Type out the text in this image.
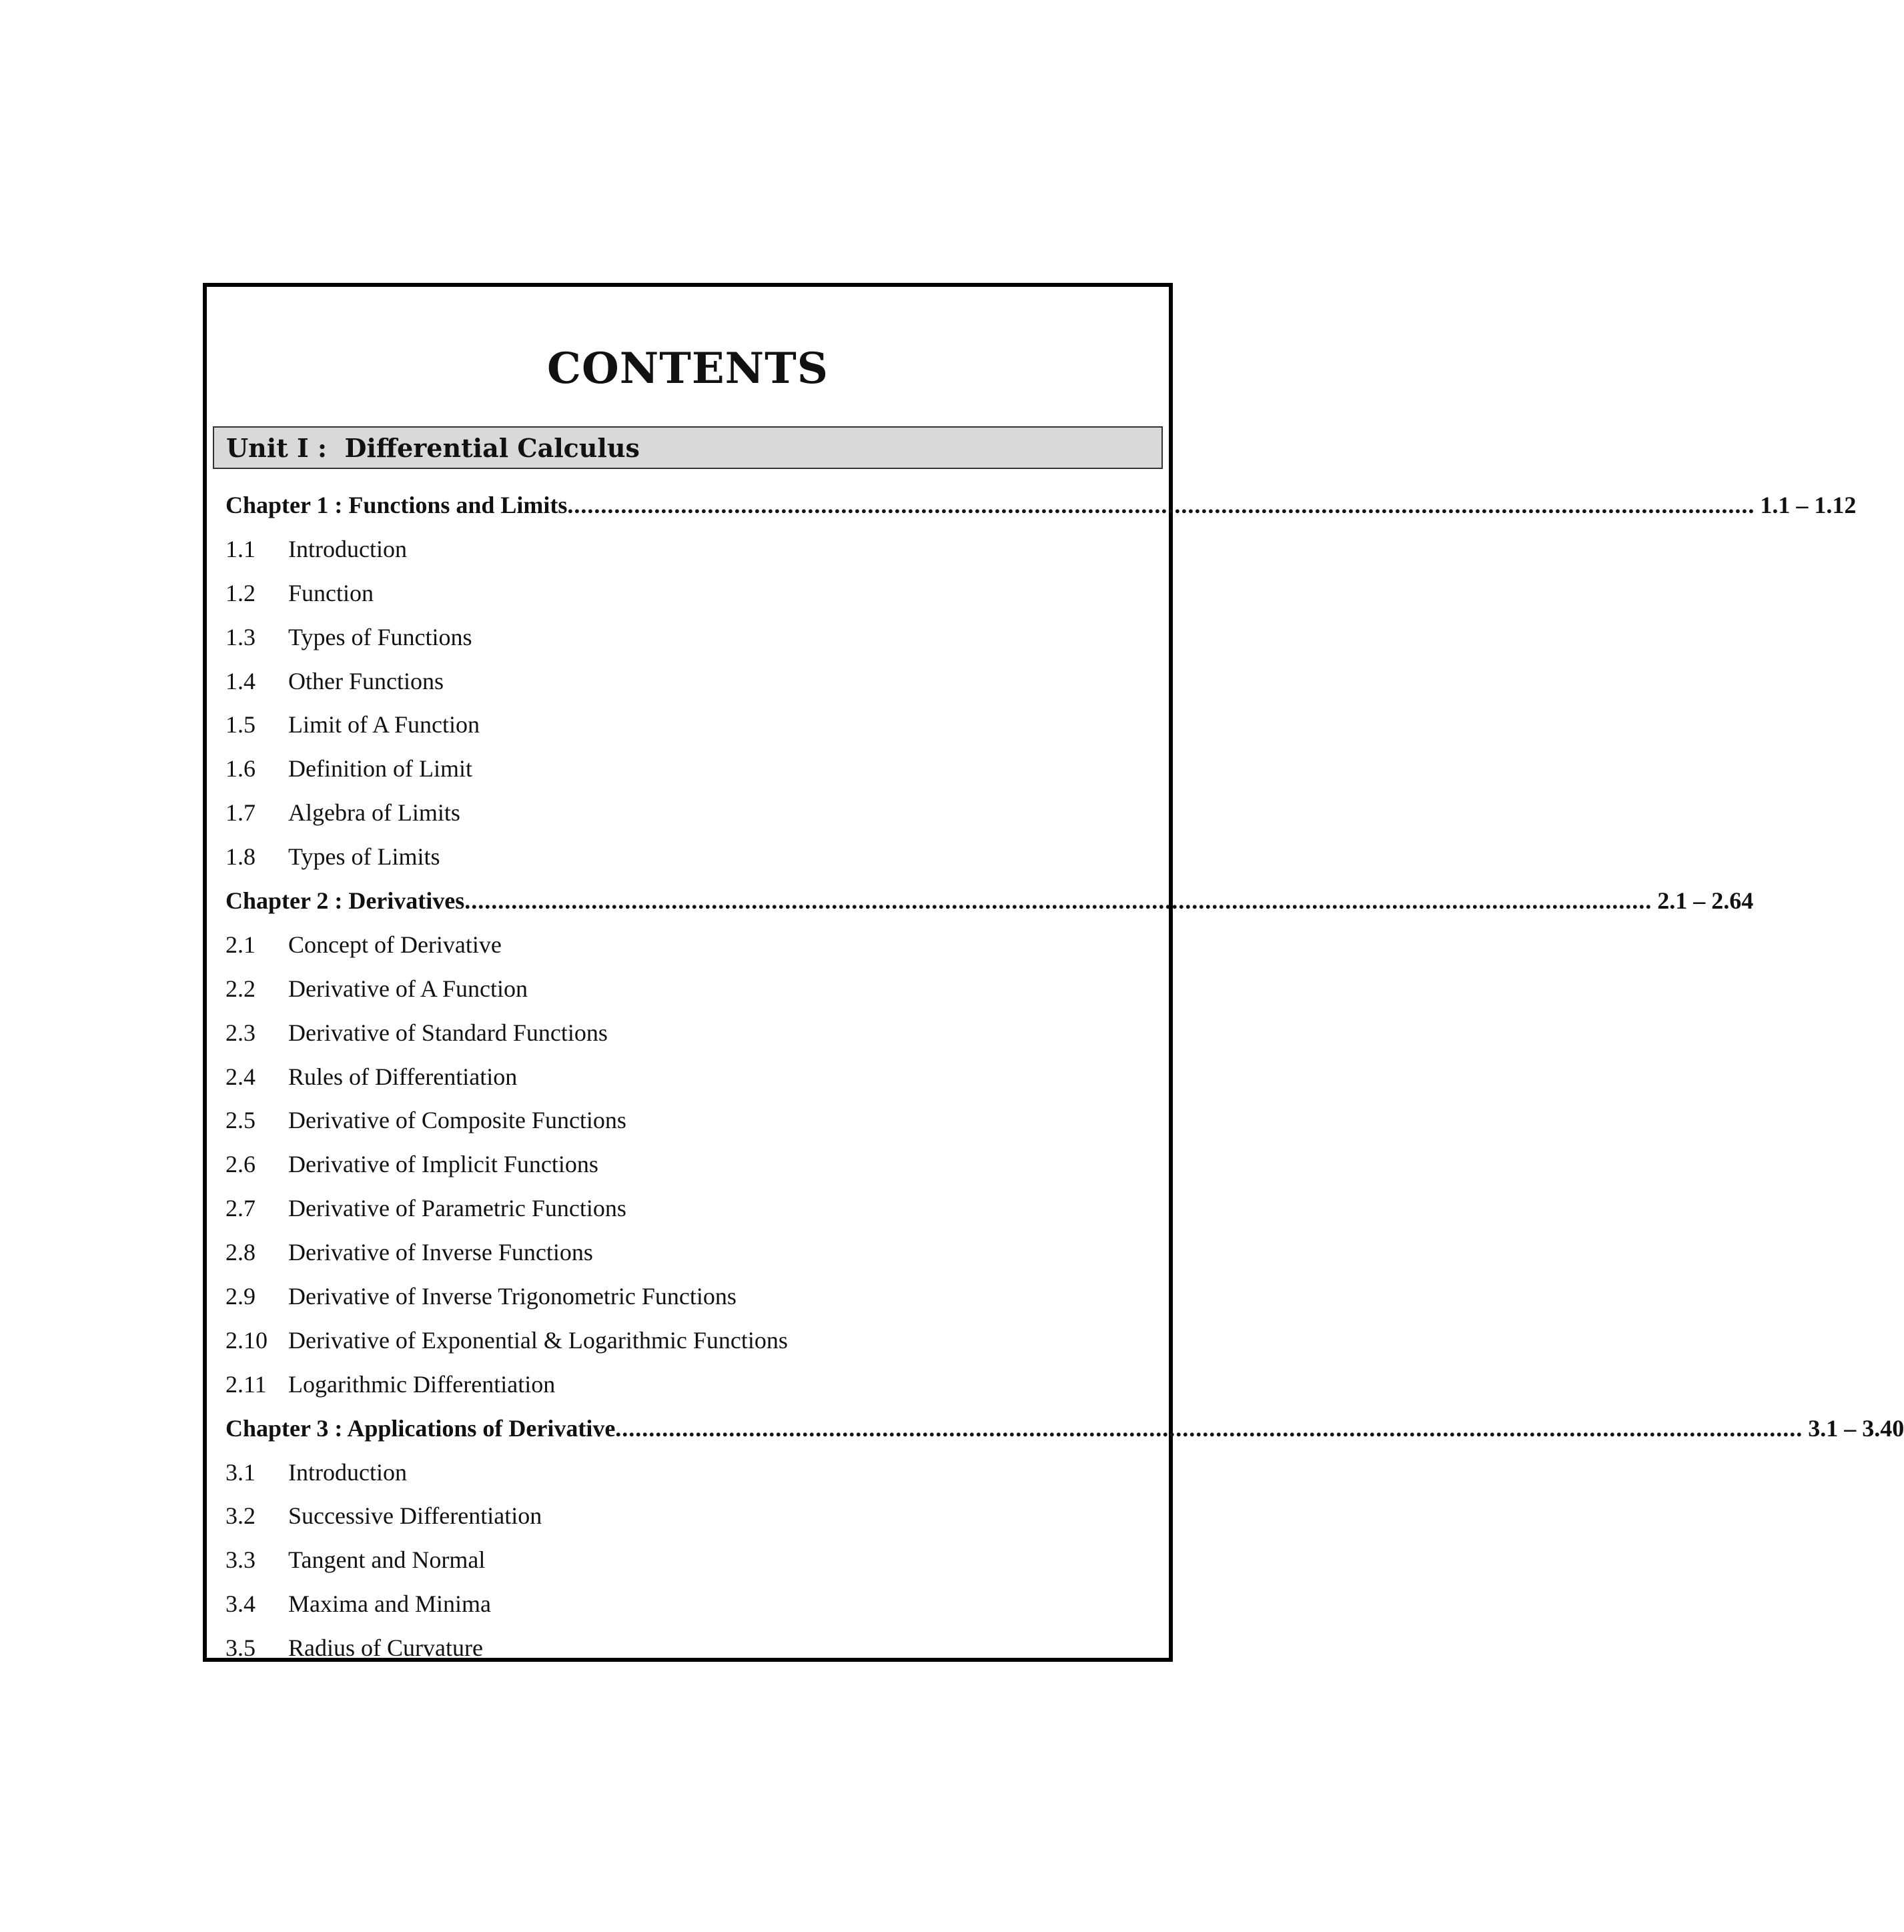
CONTENTS
Unit I :
Differential Calculus
Chapter 1 : Functions and Limits .................................................................................................................................................................................. 1.1 – 1.12
1.1	Introduction
1.2	Function
1.3	Types of Functions
1.4	Other Functions
1.5	Limit of A Function
1.6	Definition of Limit
1.7	Algebra of Limits
1.8	Types of Limits
Chapter 2 : Derivatives .................................................................................................................................................................................. 2.1 – 2.64
2.1	Concept of Derivative
2.2	Derivative of A Function
2.3	Derivative of Standard Functions
2.4	Rules of Differentiation
2.5	Derivative of Composite Functions
2.6	Derivative of Implicit Functions
2.7	Derivative of Parametric Functions
2.8	Derivative of Inverse Functions
2.9	Derivative of Inverse Trigonometric Functions
2.10 Derivative of Exponential & Logarithmic Functions
2.11 Logarithmic Differentiation
Chapter 3 : Applications of Derivative .................................................................................................................................................................................. 3.1 – 3.40
3.1	Introduction
3.2	Successive Differentiation
3.3	Tangent and Normal
3.4	Maxima and Minima
3.5	Radius of Curvature
